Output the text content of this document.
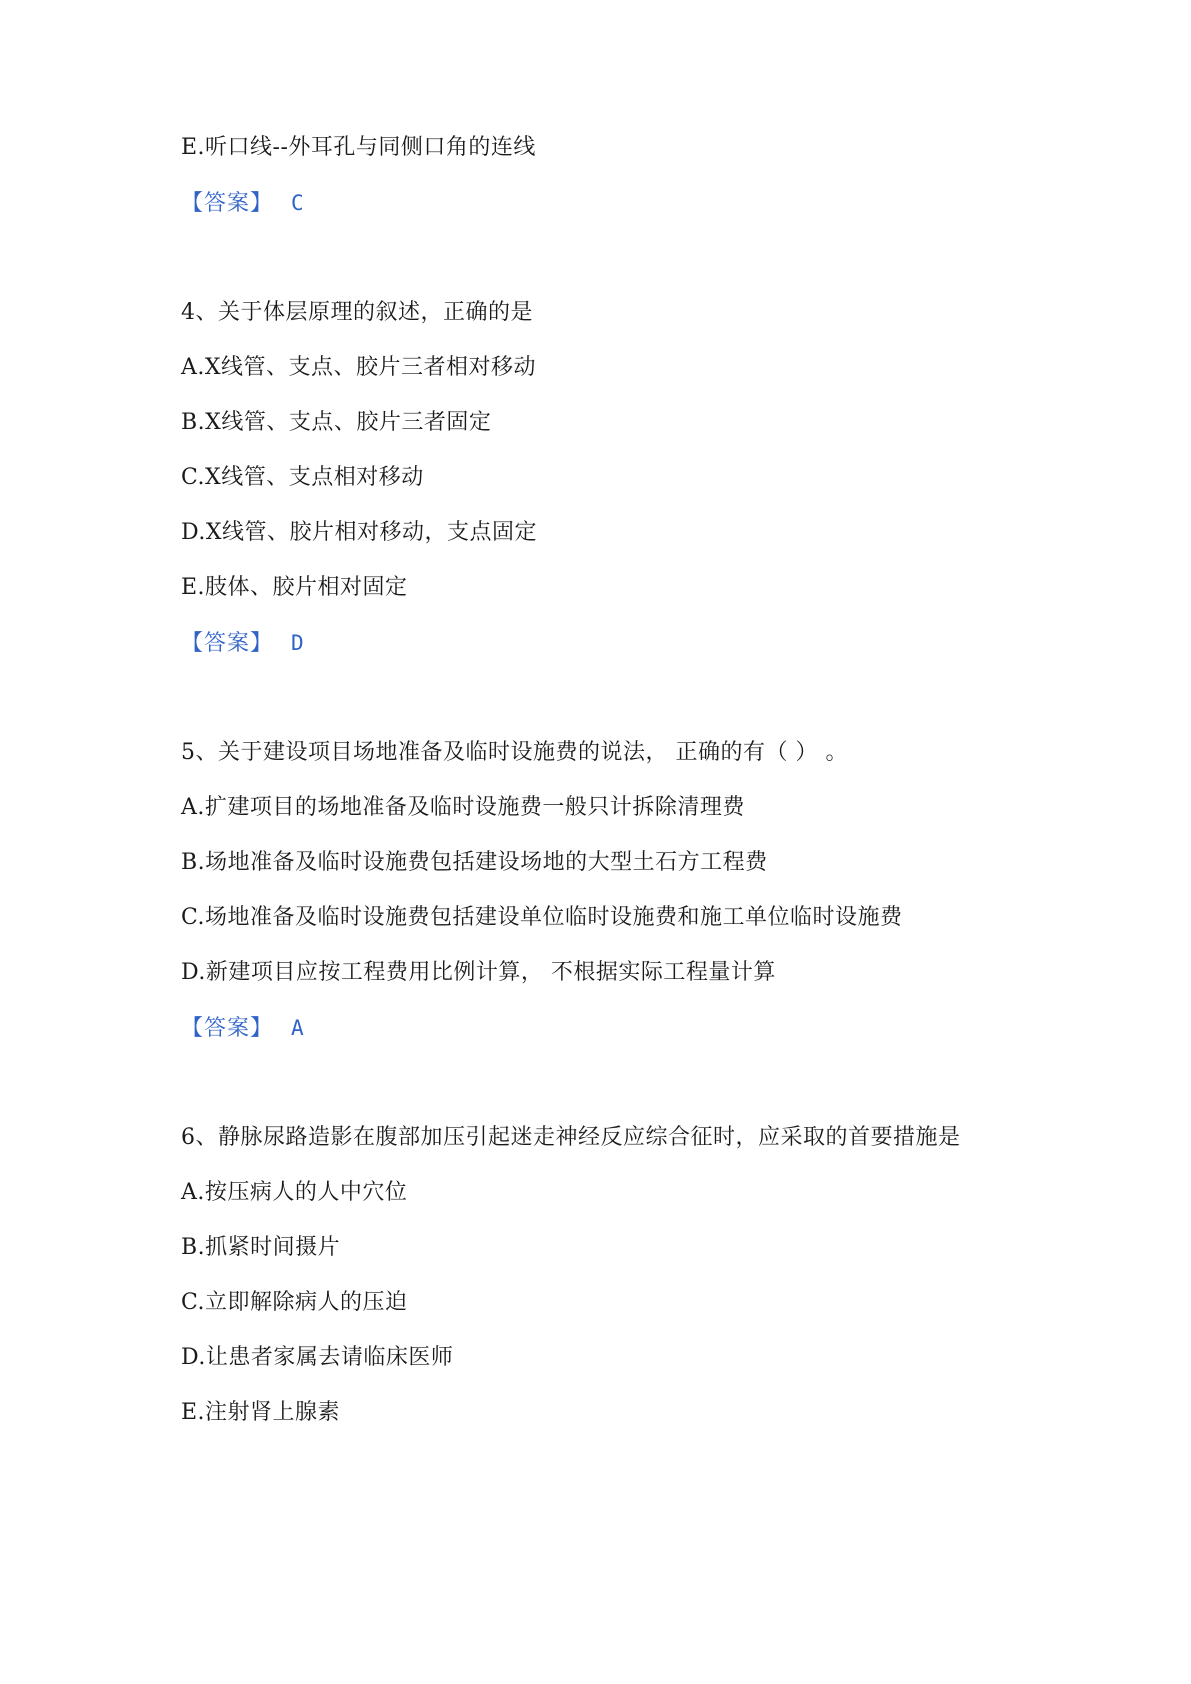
E.听口线--外耳孔与同侧口角的连线
【答案】 C
4、关于体层原理的叙述，正确的是
A.X线管、支点、胶片三者相对移动
B.X线管、支点、胶片三者固定
C.X线管、支点相对移动
D.X线管、胶片相对移动，支点固定
E.肢体、胶片相对固定
【答案】 D
5、关于建设项目场地准备及临时设施费的说法， 正确的有（ ） 。
A.扩建项目的场地准备及临时设施费一般只计拆除清理费
B.场地准备及临时设施费包括建设场地的大型土石方工程费
C.场地准备及临时设施费包括建设单位临时设施费和施工单位临时设施费
D.新建项目应按工程费用比例计算， 不根据实际工程量计算
【答案】 A
6、静脉尿路造影在腹部加压引起迷走神经反应综合征时，应采取的首要措施是
A.按压病人的人中穴位
B.抓紧时间摄片
C.立即解除病人的压迫
D.让患者家属去请临床医师
E.注射肾上腺素
